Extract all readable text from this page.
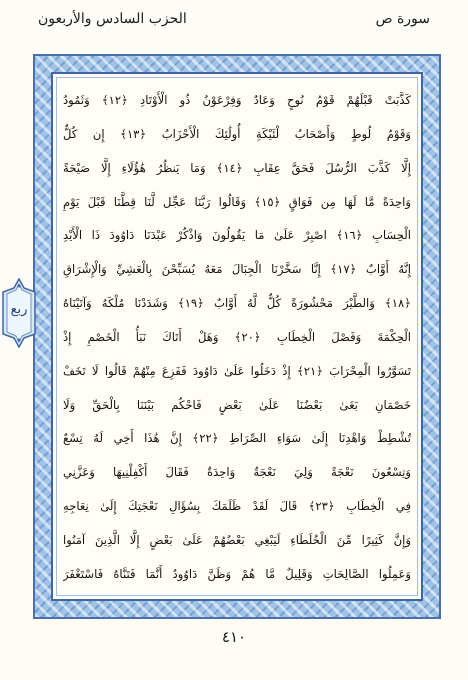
سورة ص
الحزب السادس والأربعون
كَذَّبَتْ قَبْلَهُمْ قَوْمُ نُوحٍ وَعَادٌ وَفِرْعَوْنُ ذُو الْأَوْتَادِ ﴿١٢﴾ وَثَمُودُ
وَقَوْمُ لُوطٍ وَأَصْحَابُ لْئَيْكَةِ أُولَٰئِكَ الْأَحْزَابُ ﴿١٣﴾ إِن كُلٌّ
إِلَّا كَذَّبَ الرُّسُلَ فَحَقَّ عِقَابِ ﴿١٤﴾ وَمَا يَنظُرُ هَٰؤُلَاءِ إِلَّا صَيْحَةً
وَاحِدَةً مَّا لَهَا مِن فَوَاقٍ ﴿١٥﴾ وَقَالُوا رَبَّنَا عَجِّل لَّنَا قِطَّنَا قَبْلَ يَوْمِ
الْحِسَابِ ﴿١٦﴾ اصْبِرْ عَلَىٰ مَا يَقُولُونَ وَاذْكُرْ عَبْدَنَا دَاوُودَ ذَا الْأَيْدِ
إِنَّهُ أَوَّابٌ ﴿١٧﴾ إِنَّا سَخَّرْنَا الْجِبَالَ مَعَهُ يُسَبِّحْنَ بِالْعَشِيِّ وَالْإِشْرَاقِ
﴿١٨﴾ وَالطَّيْرَ مَحْشُورَةً كُلٌّ لَّهُ أَوَّابٌ ﴿١٩﴾ وَشَدَدْنَا مُلْكَهُ وَآتَيْنَاهُ
الْحِكْمَةَ وَفَصْلَ الْخِطَابِ ﴿٢٠﴾ وَهَلْ أَتَاكَ نَبَأُ الْخَصْمِ إِذْ
تَسَوَّرُوا الْمِحْرَابَ ﴿٢١﴾ إِذْ دَخَلُوا عَلَىٰ دَاوُودَ فَفَزِعَ مِنْهُمْ قَالُوا لَا تَخَفْ
خَصْمَانِ بَغَىٰ بَعْضُنَا عَلَىٰ بَعْضٍ فَاحْكُم بَيْنَنَا بِالْحَقِّ وَلَا
تُشْطِطْ وَاهْدِنَا إِلَىٰ سَوَاءِ الصِّرَاطِ ﴿٢٢﴾ إِنَّ هَٰذَا أَخِي لَهُ تِسْعٌ
وَتِسْعُونَ نَعْجَةً وَلِيَ نَعْجَةٌ وَاحِدَةٌ فَقَالَ أَكْفِلْنِيهَا وَعَزَّنِي
فِي الْخِطَابِ ﴿٢٣﴾ قَالَ لَقَدْ ظَلَمَكَ بِسُؤَالِ نَعْجَتِكَ إِلَىٰ نِعَاجِهِ
وَإِنَّ كَثِيرًا مِّنَ الْخُلَطَاءِ لَيَبْغِي بَعْضُهُمْ عَلَىٰ بَعْضٍ إِلَّا الَّذِينَ آمَنُوا
وَعَمِلُوا الصَّالِحَاتِ وَقَلِيلٌ مَّا هُمْ وَظَنَّ دَاوُودُ أَنَّمَا فَتَنَّاهُ فَاسْتَغْفَرَ
ربع
٤١٠
